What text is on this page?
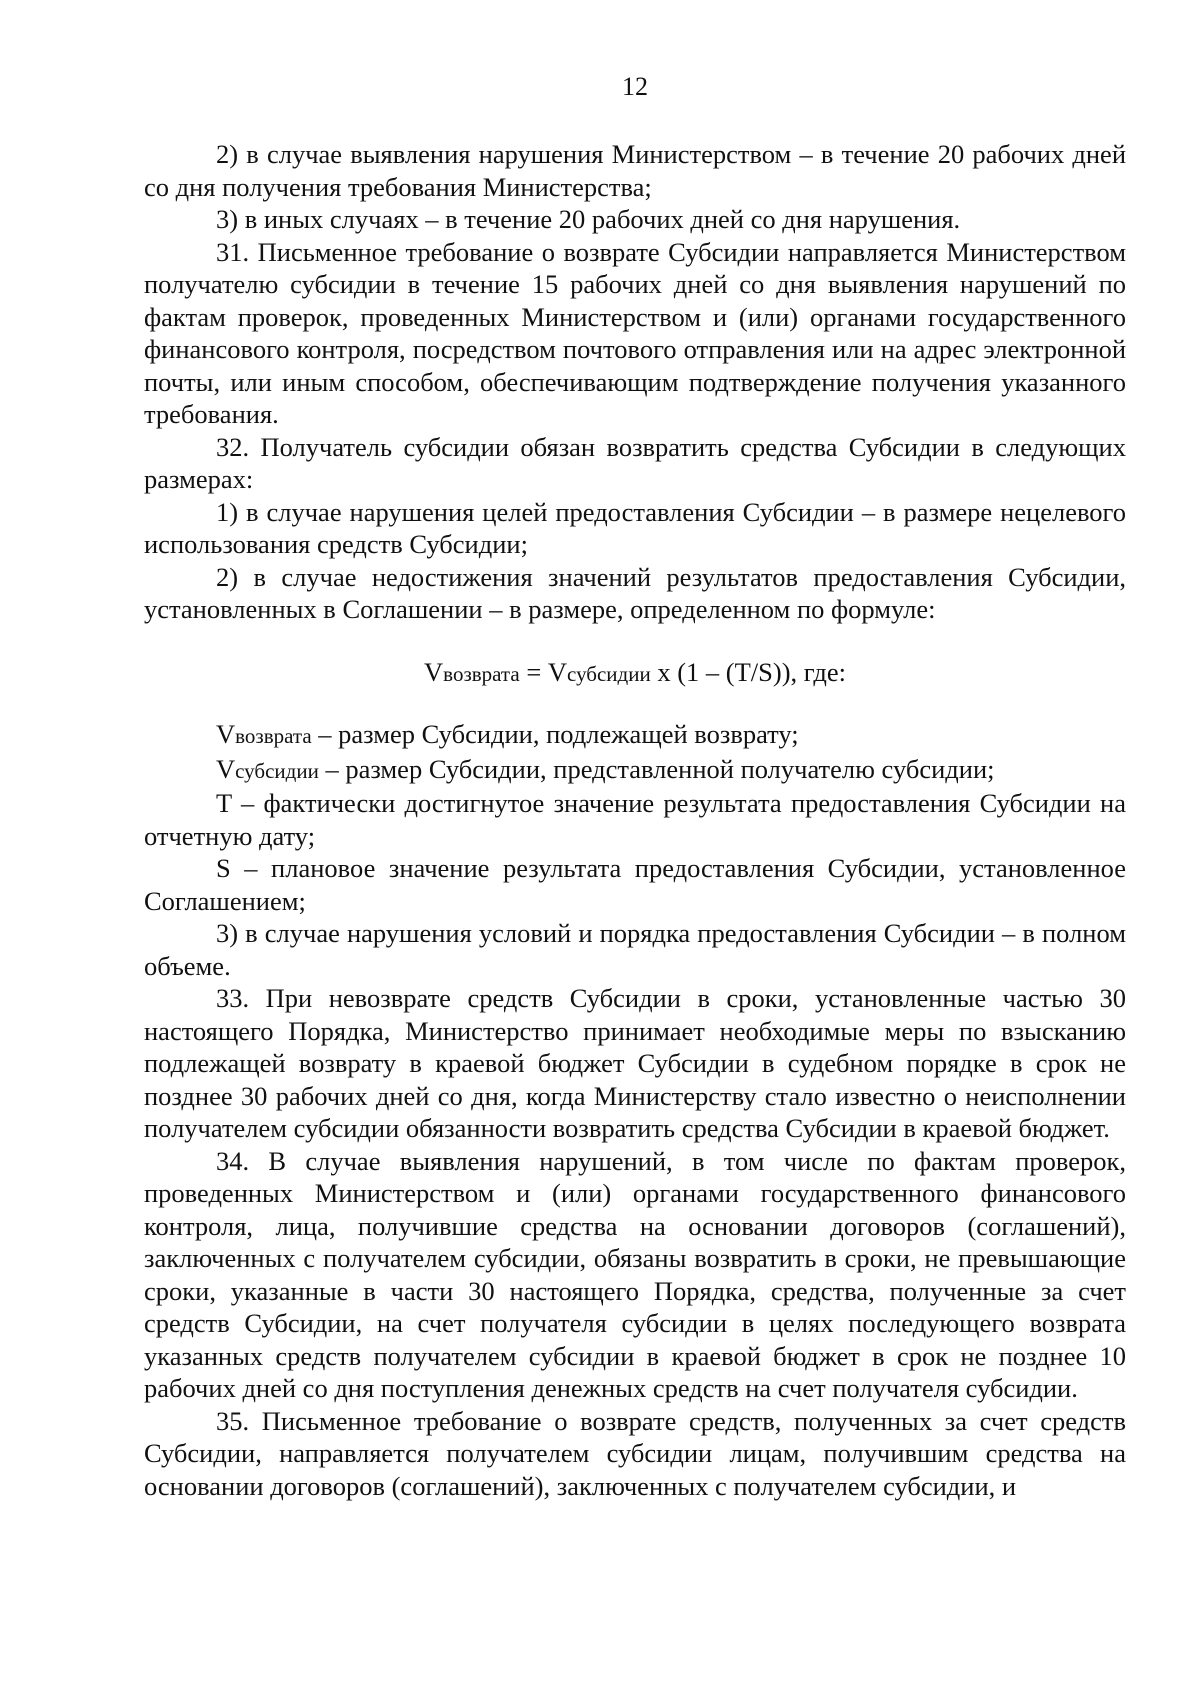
12

2) в случае выявления нарушения Министерством – в течение 20 рабочих дней со дня получения требования Министерства;

3) в иных случаях – в течение 20 рабочих дней со дня нарушения.

31. Письменное требование о возврате Субсидии направляется Министерством получателю субсидии в течение 15 рабочих дней со дня выявления нарушений по фактам проверок, проведенных Министерством и (или) органами государственного финансового контроля, посредством почтового отправления или на адрес электронной почты, или иным способом, обеспечивающим подтверждение получения указанного требования.

32. Получатель субсидии обязан возвратить средства Субсидии в следующих размерах:

1) в случае нарушения целей предоставления Субсидии – в размере нецелевого использования средств Субсидии;

2) в случае недостижения значений результатов предоставления Субсидии, установленных в Соглашении – в размере, определенном по формуле:

Vвозврата = Vсубсидии x (1 – (T/S)), где:

Vвозврата – размер Субсидии, подлежащей возврату;

Vсубсидии – размер Субсидии, представленной получателю субсидии;

T – фактически достигнутое значение результата предоставления Субсидии на отчетную дату;

S – плановое значение результата предоставления Субсидии, установленное Соглашением;

3) в случае нарушения условий и порядка предоставления Субсидии – в полном объеме.

33. При невозврате средств Субсидии в сроки, установленные частью 30 настоящего Порядка, Министерство принимает необходимые меры по взысканию подлежащей возврату в краевой бюджет Субсидии в судебном порядке в срок не позднее 30 рабочих дней со дня, когда Министерству стало известно о неисполнении получателем субсидии обязанности возвратить средства Субсидии в краевой бюджет.

34. В случае выявления нарушений, в том числе по фактам проверок, проведенных Министерством и (или) органами государственного финансового контроля, лица, получившие средства на основании договоров (соглашений), заключенных с получателем субсидии, обязаны возвратить в сроки, не превышающие сроки, указанные в части 30 настоящего Порядка, средства, полученные за счет средств Субсидии, на счет получателя субсидии в целях последующего возврата указанных средств получателем субсидии в краевой бюджет в срок не позднее 10 рабочих дней со дня поступления денежных средств на счет получателя субсидии.

35. Письменное требование о возврате средств, полученных за счет средств Субсидии, направляется получателем субсидии лицам, получившим средства на основании договоров (соглашений), заключенных с получателем субсидии, и
